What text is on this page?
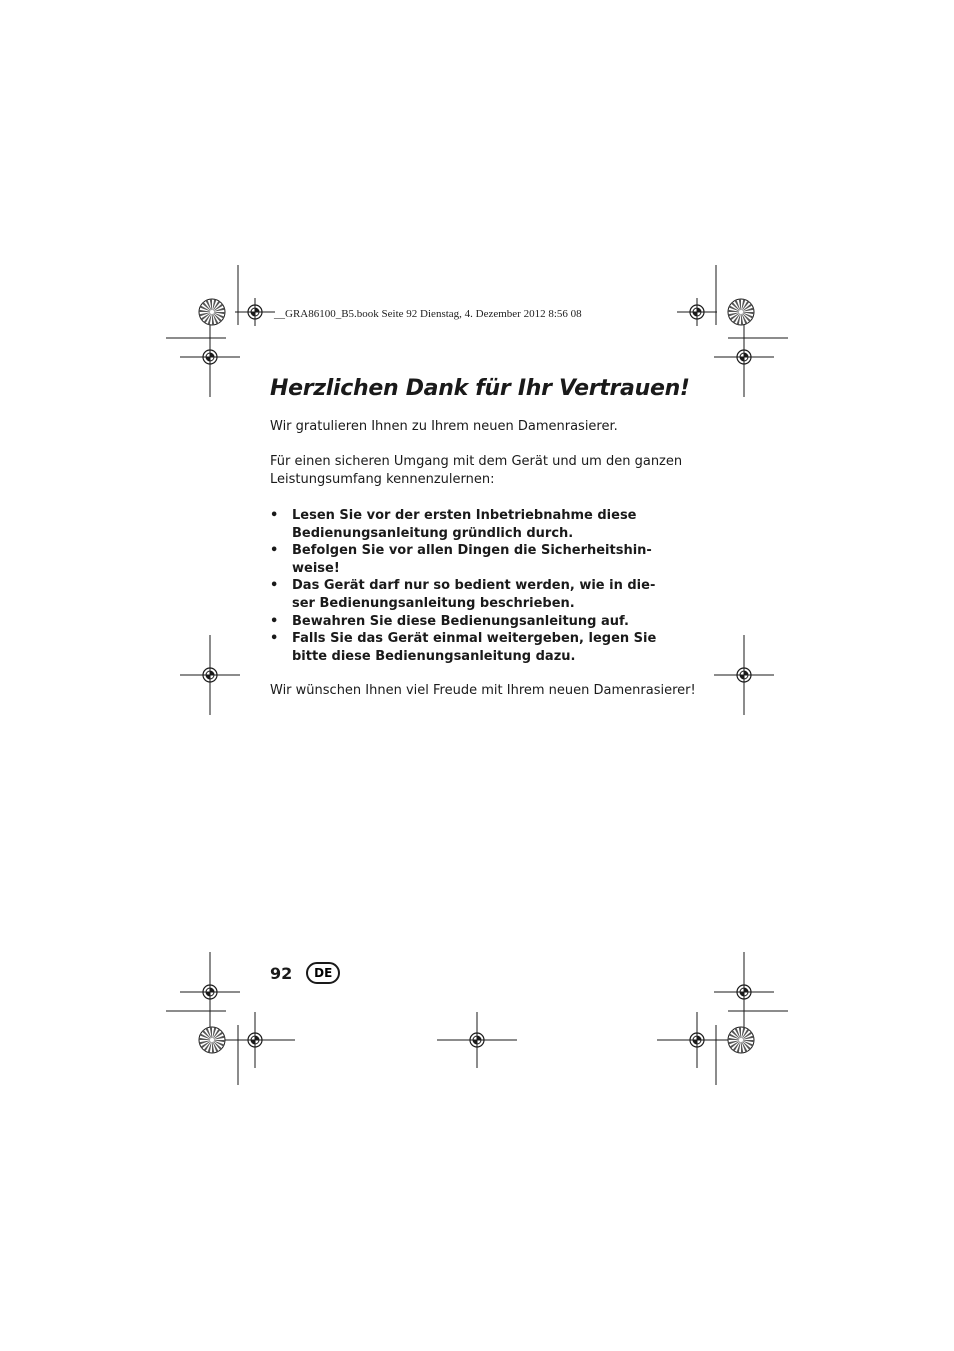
__GRA86100_B5.book Seite 92 Dienstag, 4. Dezember 2012 8:56 08
Herzlichen Dank für Ihr Vertrauen!

Wir gratulieren Ihnen zu Ihrem neuen Damenrasierer.

Für einen sicheren Umgang mit dem Gerät und um den ganzen
Leistungsumfang kennenzulernen:

• Lesen Sie vor der ersten Inbetriebnahme diese
Bedienungsanleitung gründlich durch.
• Befolgen Sie vor allen Dingen die Sicherheitshin-
weise!
• Das Gerät darf nur so bedient werden, wie in die-
ser Bedienungsanleitung beschrieben.
• Bewahren Sie diese Bedienungsanleitung auf.
• Falls Sie das Gerät einmal weitergeben, legen Sie
bitte diese Bedienungsanleitung dazu.

Wir wünschen Ihnen viel Freude mit Ihrem neuen Damenrasierer!

92	DE
